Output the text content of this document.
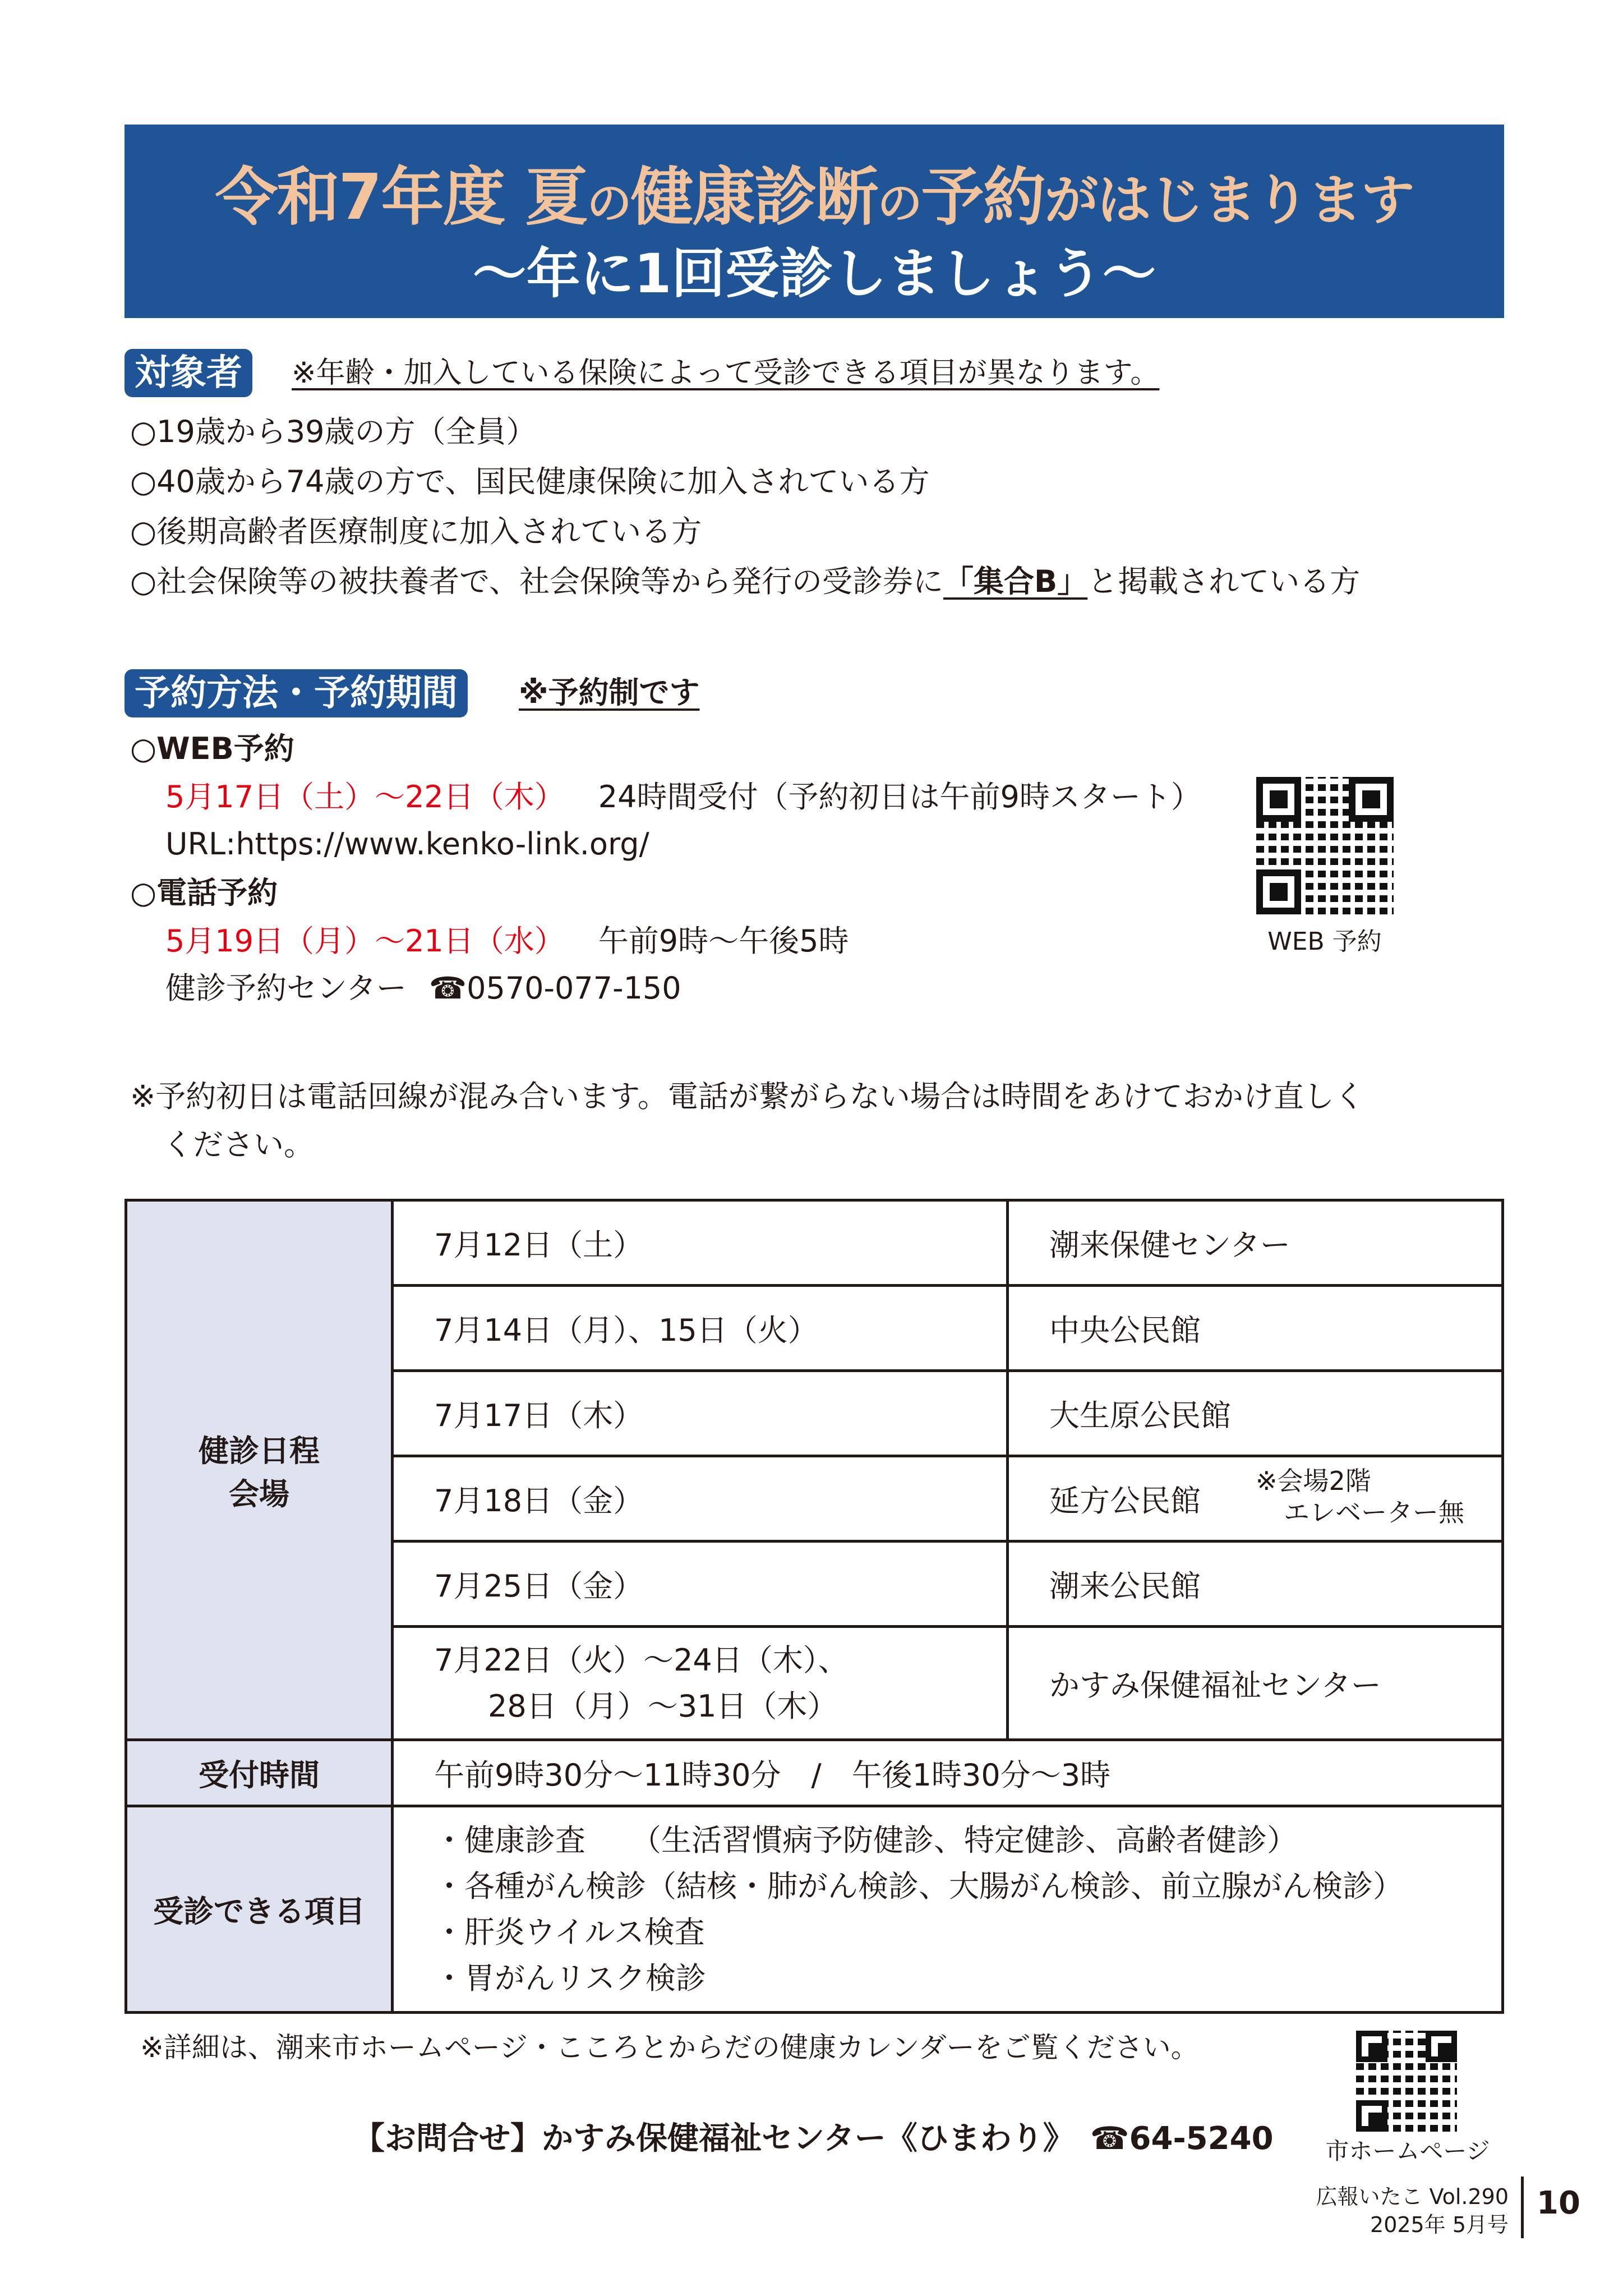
令和7年度 夏の健康診断の予約がはじまります
～年に1回受診しましょう～
対象者	※年齢・加入している保険によって受診できる項目が異なります。
○19歳から39歳の方（全員）
○40歳から74歳の方で、国民健康保険に加入されている方
○後期高齢者医療制度に加入されている方
○社会保険等の被扶養者で、社会保険等から発行の受診券に「集合B」と掲載されている方
予約方法・予約期間	※予約制です
○WEB予約
5月17日（土）～22日（木） 24時間受付（予約初日は午前9時スタート）
URL:https://www.kenko-link.org/
○電話予約
5月19日（月）～21日（水） 午前9時～午後5時
健診予約センター ☎0570-077-150
WEB 予約
※予約初日は電話回線が混み合います。電話が繋がらない場合は時間をあけておかけ直しく
ください。
健診日程
会場	7月12日（土）	潮来保健センター
	7月14日（月）、15日（火）	中央公民館
	7月17日（木）	大生原公民館
	7月18日（金）	延方公民館
※会場2階
エレベーター無

	7月25日（金）	潮来公民館

	7月22日（火）～24日（木）、
28日（月）～31日（木）	かすみ保健福祉センター
受付時間	午前9時30分～11時30分　/　午後1時30分～3時	
受診できる項目	・健康診査　　（生活習慣病予防健診、特定健診、高齢者健診）
・各種がん検診（結核・肺がん検診、大腸がん検診、前立腺がん検診）
・肝炎ウイルス検査
・胃がんリスク検診	
※詳細は、潮来市ホームページ・こころとからだの健康カレンダーをご覧ください。
市ホームページ
【お問合せ】かすみ保健福祉センター《ひまわり》　☎64-5240
広報いたこ Vol.290
2025年 5月号
10
